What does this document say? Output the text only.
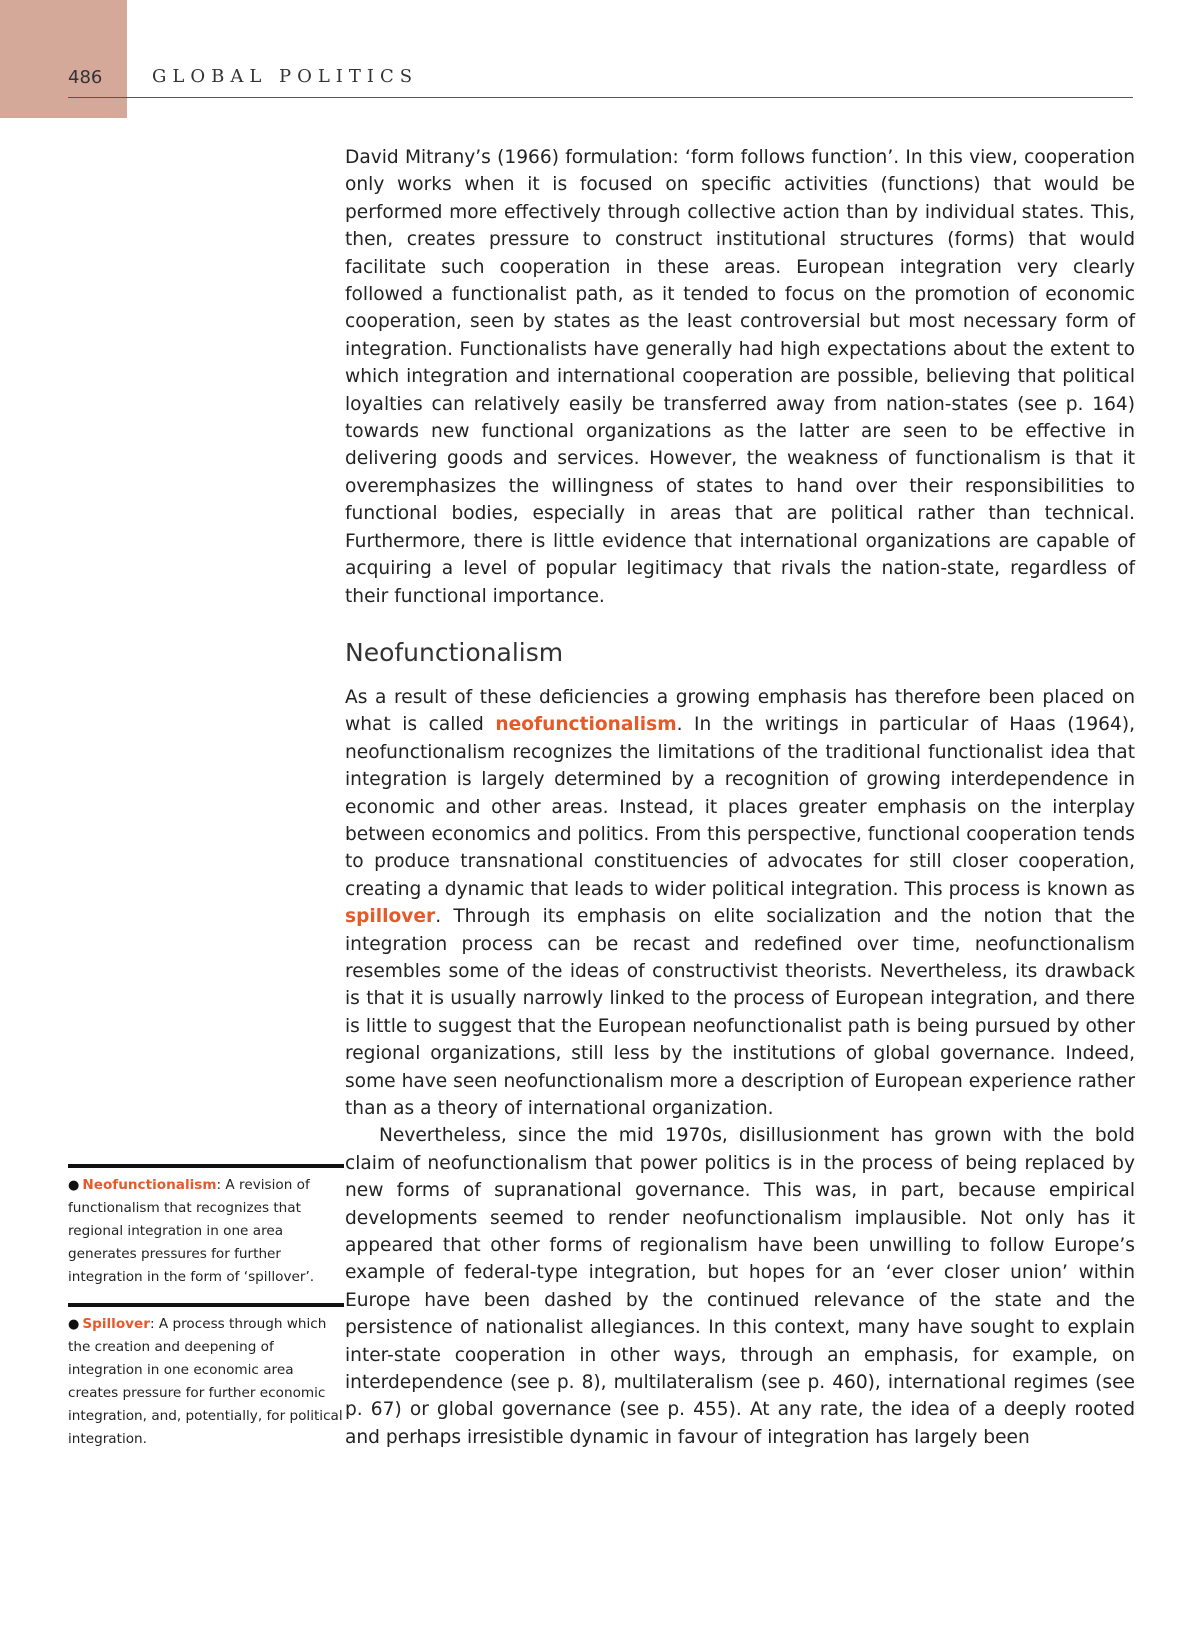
486	GLOBAL POLITICS

David Mitrany’s (1966) formulation: ‘form follows function’. In this view, cooperation only works when it is focused on specific activities (functions) that would be performed more effectively through collective action than by individual states. This, then, creates pressure to construct institutional structures (forms) that would facilitate such cooperation in these areas. European integration very clearly followed a functionalist path, as it tended to focus on the promotion of economic cooperation, seen by states as the least controversial but most necessary form of integration. Functionalists have generally had high expectations about the extent to which integration and international cooperation are possible, believing that political loyalties can relatively easily be transferred away from nation-states (see p. 164) towards new functional organizations as the latter are seen to be effective in delivering goods and services. However, the weakness of functionalism is that it overemphasizes the willingness of states to hand over their responsibilities to functional bodies, especially in areas that are political rather than technical. Furthermore, there is little evidence that international organizations are capable of acquiring a level of popular legitimacy that rivals the nation-state, regardless of their functional importance.

Neofunctionalism

As a result of these deficiencies a growing emphasis has therefore been placed on what is called neofunctionalism. In the writings in particular of Haas (1964), neofunctionalism recognizes the limitations of the traditional functionalist idea that integration is largely determined by a recognition of growing interdependence in economic and other areas. Instead, it places greater emphasis on the interplay between economics and politics. From this perspective, functional cooperation tends to produce transnational constituencies of advocates for still closer cooperation, creating a dynamic that leads to wider political integration. This process is known as spillover. Through its emphasis on elite socialization and the notion that the integration process can be recast and redefined over time, neofunctionalism resembles some of the ideas of constructivist theorists. Nevertheless, its drawback is that it is usually narrowly linked to the process of European integration, and there is little to suggest that the European neofunctionalist path is being pursued by other regional organizations, still less by the institutions of global governance. Indeed, some have seen neofunctionalism more a description of European experience rather than as a theory of international organization.

Nevertheless, since the mid 1970s, disillusionment has grown with the bold claim of neofunctionalism that power politics is in the process of being replaced by new forms of supranational governance. This was, in part, because empirical developments seemed to render neofunctionalism implausible. Not only has it appeared that other forms of regionalism have been unwilling to follow Europe’s example of federal-type integration, but hopes for an ‘ever closer union’ within Europe have been dashed by the continued relevance of the state and the persistence of nationalist allegiances. In this context, many have sought to explain inter-state cooperation in other ways, through an emphasis, for example, on interdependence (see p. 8), multilateralism (see p. 460), international regimes (see p. 67) or global governance (see p. 455). At any rate, the idea of a deeply rooted and perhaps irresistible dynamic in favour of integration has largely been

● Neofunctionalism: A revision of functionalism that recognizes that regional integration in one area generates pressures for further integration in the form of ‘spillover’.
● Spillover: A process through which the creation and deepening of integration in one economic area creates pressure for further economic integration, and, potentially, for political integration.
